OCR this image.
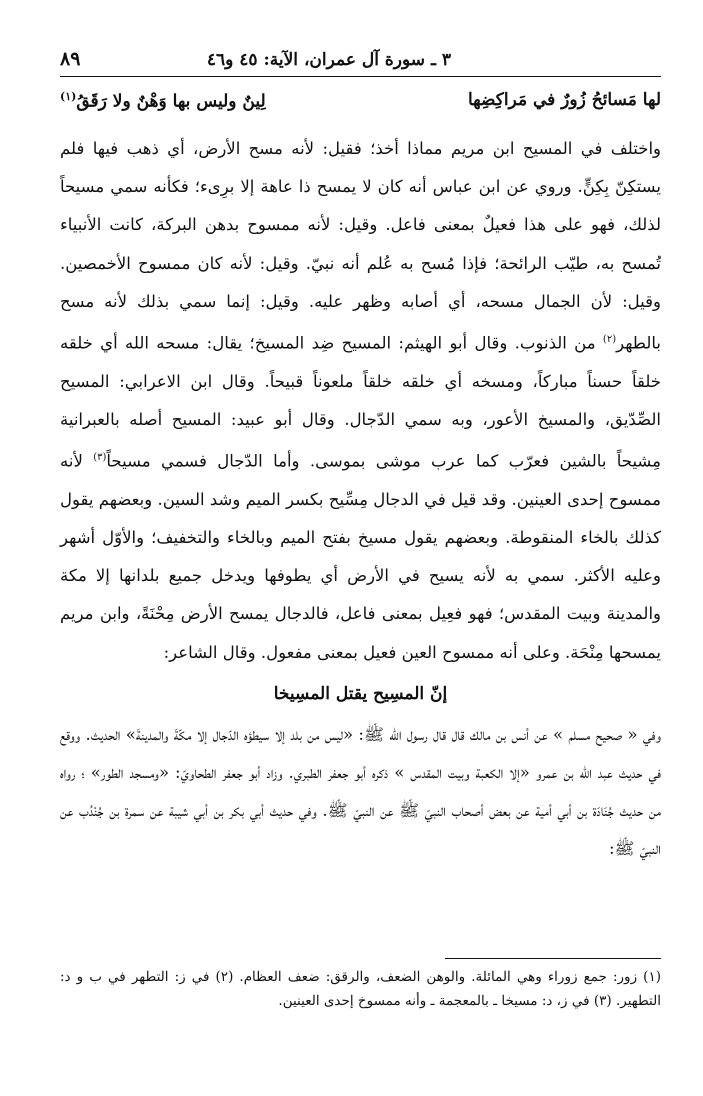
٣ ـ سورة آل عمران، الآية: ٤٥ و٤٦
٨٩
لها مَسائحُ زُورٌ في مَراكِضِها
لِينٌ وليس بها وَهْنٌ ولا رَقَقُ$^{(١)}$

واختلف في المسيح ابن مريم مماذا أخذ؛ فقيل: لأنه مسح الأرض، أي ذهب فيها فلم يستكِنّ بِكِنٍّ. وروي عن ابن عباس أنه كان لا يمسح ذا عاهة إلا برِىء؛ فكأنه سمي مسيحاً لذلك، فهو على هذا فعيلٌ بمعنى فاعل. وقيل: لأنه ممسوح بدهن البركة، كانت الأنبياء تُمسح به، طيّب الرائحة؛ فإذا مُسح به عُلم أنه نبيّ. وقيل: لأنه كان ممسوح الأخمصين. وقيل: لأن الجمال مسحه، أي أصابه وظهر عليه. وقيل: إنما سمي بذلك لأنه مسح بالطهر$^{(٢)}$ من الذنوب. وقال أبو الهيثم: المسيح ضِد المسيخ؛ يقال: مسحه الله أي خلقه خلقاً حسناً مباركاً، ومسخه أي خلقه خلقاً ملعوناً قبيحاً. وقال ابن الاعرابي: المسيح الصِّدّيق، والمسيخ الأعور، وبه سمي الدّجال. وقال أبو عبيد: المسيح أصله بالعبرانية مِشيحاً بالشين فعرّب كما عرب موشى بموسى. وأما الدّجال فسمي مسيحاً$^{(٣)}$ لأنه ممسوح إحدى العينين. وقد قيل في الدجال مِسِّيح بكسر الميم وشد السين. وبعضهم يقول كذلك بالخاء المنقوطة. وبعضهم يقول مسيخ بفتح الميم وبالخاء والتخفيف؛ والأوّل أشهر وعليه الأكثر. سمي به لأنه يسيح في الأرض أي يطوفها ويدخل جميع بلدانها إلا مكة والمدينة وبيت المقدس؛ فهو فعِيل بمعنى فاعل، فالدجال يمسح الأرض مِحْنَةً، وابن مريم يمسحها مِنْحَة. وعلى أنه ممسوح العين فعيل بمعنى مفعول. وقال الشاعر:

إنّ المسِيح يقتل المسِيخا

وفي « صحيح مسلم » عن أنس بن مالك قال قال رسول الله ﷺ: «ليس من بلد إلا سيطؤه الدّجال إلا مكّةَ والمدينةَ» الحديث. ووقع في حديث عبد الله بن عمرو «إلا الكعبة وبيت المقدس » ذكره أبو جعفر الطبري. وزاد أبو جعفر الطحاويّ: «ومسجد الطور» ؛ رواه من حديث جُنَادَة بن أبي أمية عن بعض أصحاب النبيّ ﷺ عن النبيّ ﷺ. وفي حديث أبي بكر بن أبي شيبة عن سمرة بن جُنْدُب عن النبيّ ﷺ:

(١) زور: جمع زوراء وهي المائلة. والوهن الضعف، والرقق: ضعف العظام. (٢) في ز: التطهر في ب و د: التطهير. (٣) في ز، د: مسيخا ـ بالمعجمة ـ وأنه ممسوخ إحدى العينين.
